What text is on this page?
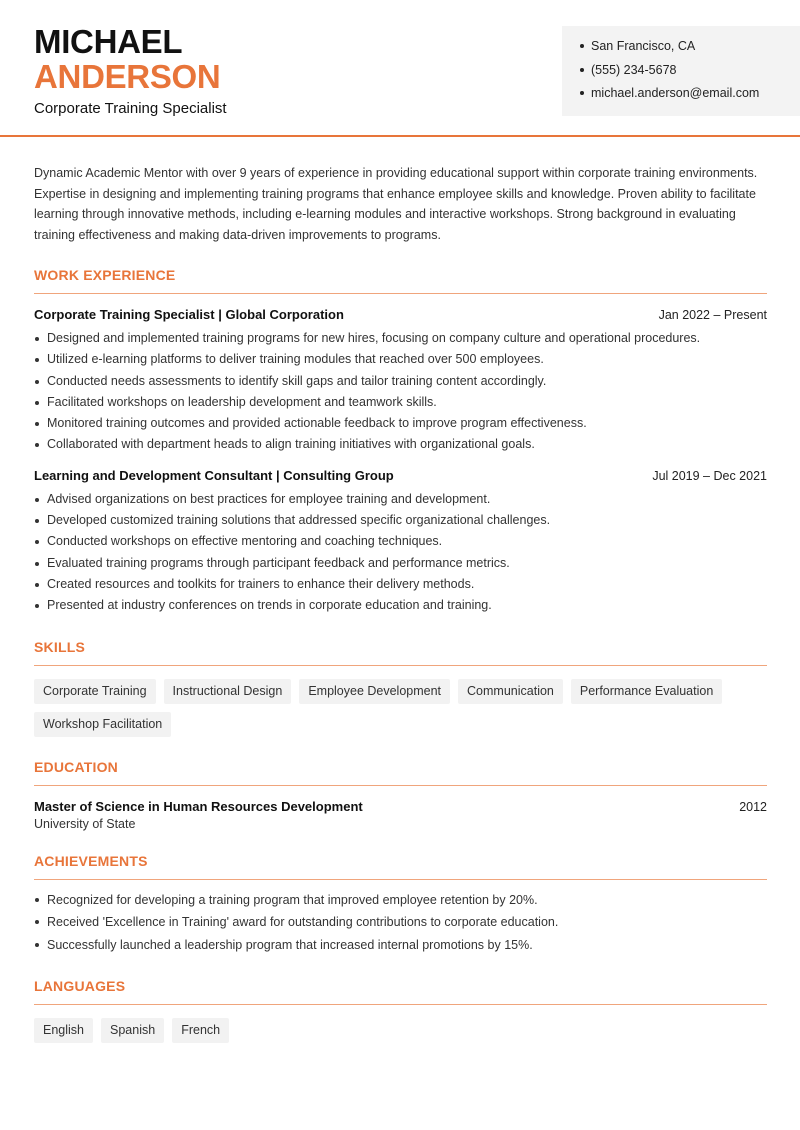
MICHAEL
ANDERSON
Corporate Training Specialist
San Francisco, CA
(555) 234-5678
michael.anderson@email.com

Dynamic Academic Mentor with over 9 years of experience in providing educational support within corporate training environments. Expertise in designing and implementing training programs that enhance employee skills and knowledge. Proven ability to facilitate learning through innovative methods, including e-learning modules and interactive workshops. Strong background in evaluating training effectiveness and making data-driven improvements to programs.

WORK EXPERIENCE
Corporate Training Specialist | Global Corporation	Jan 2022 – Present
Designed and implemented training programs for new hires, focusing on company culture and operational procedures.
Utilized e-learning platforms to deliver training modules that reached over 500 employees.
Conducted needs assessments to identify skill gaps and tailor training content accordingly.
Facilitated workshops on leadership development and teamwork skills.
Monitored training outcomes and provided actionable feedback to improve program effectiveness.
Collaborated with department heads to align training initiatives with organizational goals.
Learning and Development Consultant | Consulting Group	Jul 2019 – Dec 2021
Advised organizations on best practices for employee training and development.
Developed customized training solutions that addressed specific organizational challenges.
Conducted workshops on effective mentoring and coaching techniques.
Evaluated training programs through participant feedback and performance metrics.
Created resources and toolkits for trainers to enhance their delivery methods.
Presented at industry conferences on trends in corporate education and training.
SKILLS
Corporate Training	Instructional Design	Employee Development	Communication	Performance Evaluation
Workshop Facilitation
EDUCATION
Master of Science in Human Resources Development	2012
University of State
ACHIEVEMENTS
Recognized for developing a training program that improved employee retention by 20%.
Received 'Excellence in Training' award for outstanding contributions to corporate education.
Successfully launched a leadership program that increased internal promotions by 15%.
LANGUAGES
English	Spanish	French
